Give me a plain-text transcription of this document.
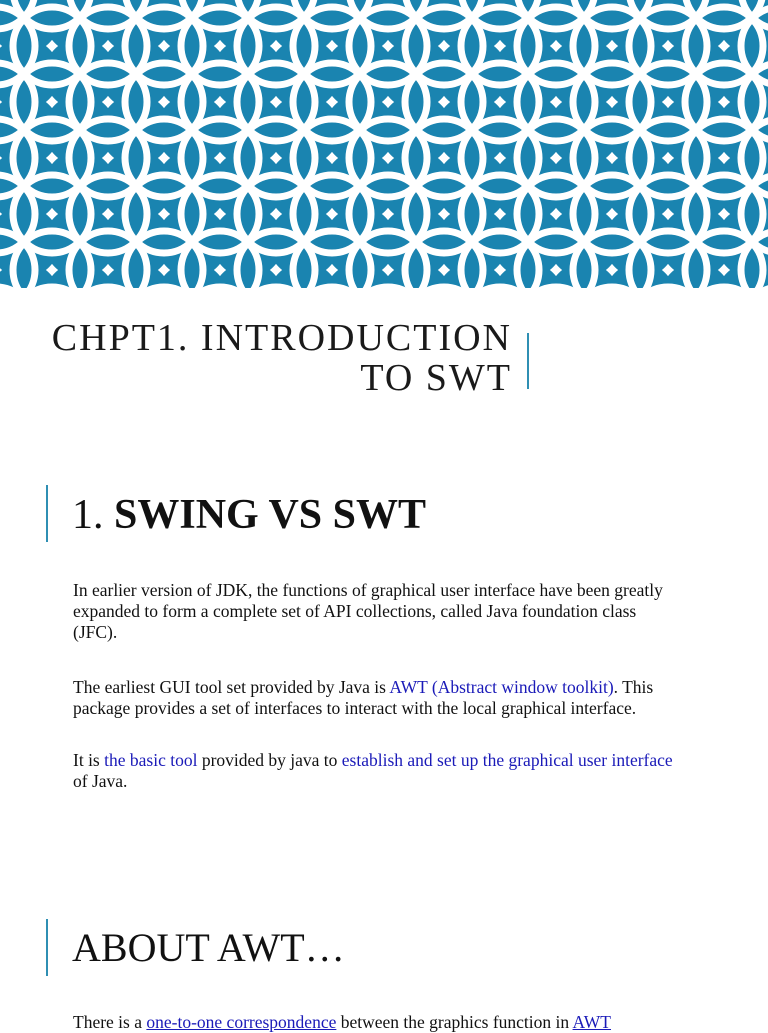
CHPT1. INTRODUCTION
TO SWT
1. SWING VS SWT

In earlier version of JDK, the functions of graphical user interface have been greatly expanded to form a complete set of API collections, called Java foundation class (JFC).

The earliest GUI tool set provided by Java is AWT (Abstract window toolkit). This package provides a set of interfaces to interact with the local graphical interface.

It is the basic tool provided by java to establish and set up the graphical user interface of Java.

ABOUT AWT…

There is a one-to-one correspondence between the graphics function in AWT
